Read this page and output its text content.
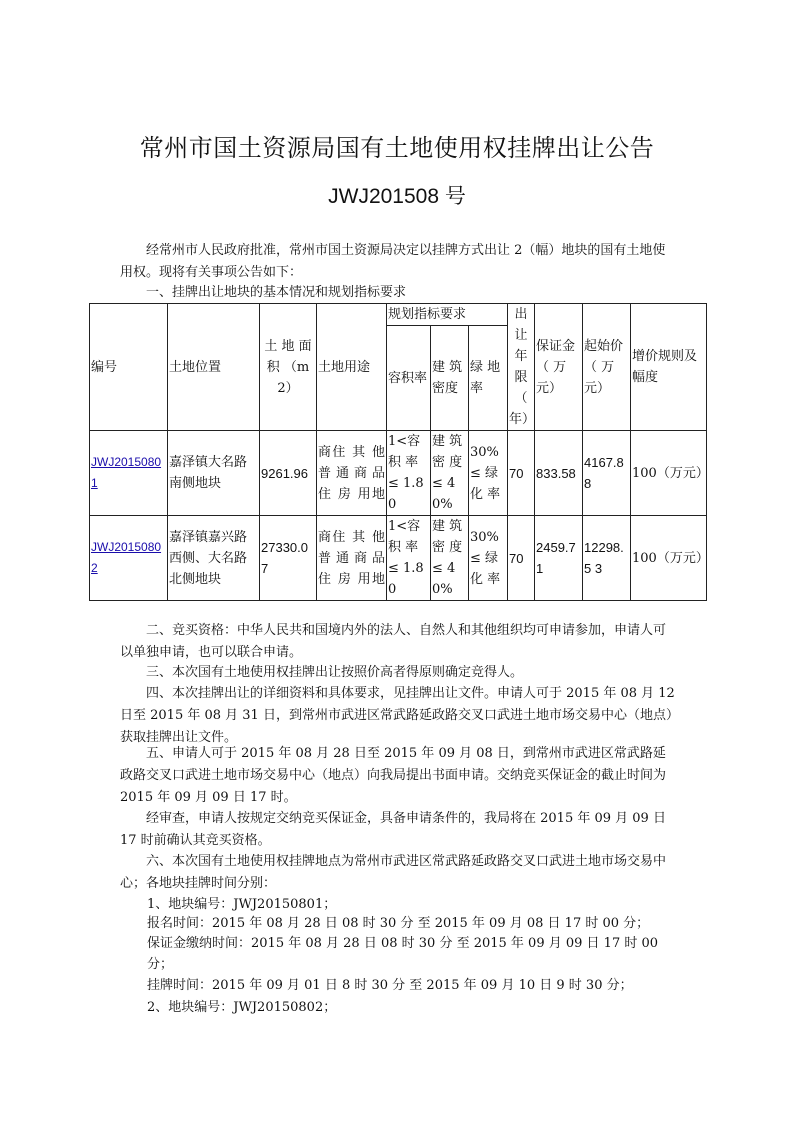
常州市国土资源局国有土地使用权挂牌出让公告
JWJ201508 号
经常州市人民政府批准，常州市国土资源局决定以挂牌方式出让 2（幅）地块的国有土地使用权。现将有关事项公告如下：
一、挂牌出让地块的基本情况和规划指标要求
编号	土地位置	土 地 面 积 （m2）	土地用途	规划指标要求			出 让 年 限 （ 年）	保证金 （ 万 元）	起始价 （ 万 元）	增价规则及幅度
				容积率	建 筑 密度	绿 地 率				
JWJ20150801	嘉泽镇大名路南侧地块	9261.96	商住 其 他 普 通 商 品 住 房 用地	1<容积 率 ≤ 1.80	建 筑 密 度 ≤ 40%	30%≤ 绿 化 率	70	833.58	4167.88	100（万元）
JWJ20150802	嘉泽镇嘉兴路西侧、大名路北侧地块	27330.07	商住 其 他 普 通 商 品 住 房 用地	1<容积 率 ≤ 1.80	建 筑 密 度 ≤ 40%	30%≤ 绿 化 率	70	2459.71	12298.5 3	100（万元）
二、竞买资格：中华人民共和国境内外的法人、自然人和其他组织均可申请参加，申请人可以单独申请，也可以联合申请。
三、本次国有土地使用权挂牌出让按照价高者得原则确定竞得人。
四、本次挂牌出让的详细资料和具体要求，见挂牌出让文件。申请人可于 2015 年 08 月 12 日至 2015 年 08 月 31 日，到常州市武进区常武路延政路交叉口武进土地市场交易中心（地点）获取挂牌出让文件。
五、申请人可于 2015 年 08 月 28 日至 2015 年 09 月 08 日，到常州市武进区常武路延政路交叉口武进土地市场交易中心（地点）向我局提出书面申请。交纳竞买保证金的截止时间为 2015 年 09 月 09 日 17 时。
经审查，申请人按规定交纳竞买保证金，具备申请条件的，我局将在 2015 年 09 月 09 日 17 时前确认其竞买资格。
六、本次国有土地使用权挂牌地点为常州市武进区常武路延政路交叉口武进土地市场交易中心；各地块挂牌时间分别：
1、地块编号：JWJ20150801；
报名时间：2015 年 08 月 28 日 08 时 30 分 至 2015 年 09 月 08 日 17 时 00 分；
保证金缴纳时间：2015 年 08 月 28 日 08 时 30 分 至 2015 年 09 月 09 日 17 时 00
分；
挂牌时间：2015 年 09 月 01 日 8 时 30 分 至 2015 年 09 月 10 日 9 时 30 分；
2、地块编号：JWJ20150802；
